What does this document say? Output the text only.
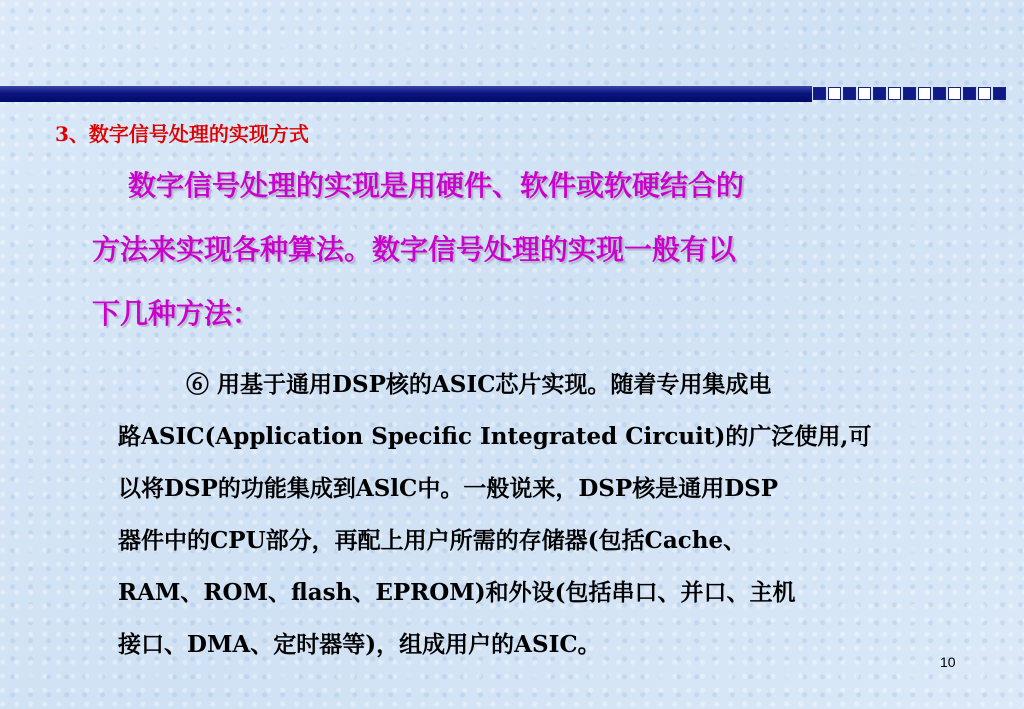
3、数字信号处理的实现方式
数字信号处理的实现是用硬件、软件或软硬结合的
方法来实现各种算法。数字信号处理的实现一般有以
下几种方法：
⑥ 用基于通用DSP核的ASIC芯片实现。随着专用集成电
路ASIC(Application Specific Integrated Circuit)的广泛使用,可
以将DSP的功能集成到ASlC中。一般说来，DSP核是通用DSP
器件中的CPU部分，再配上用户所需的存储器(包括Cache、
RAM、ROM、flash、EPROM)和外设(包括串口、并口、主机
接口、DMA、定时器等)，组成用户的ASIC。
10
